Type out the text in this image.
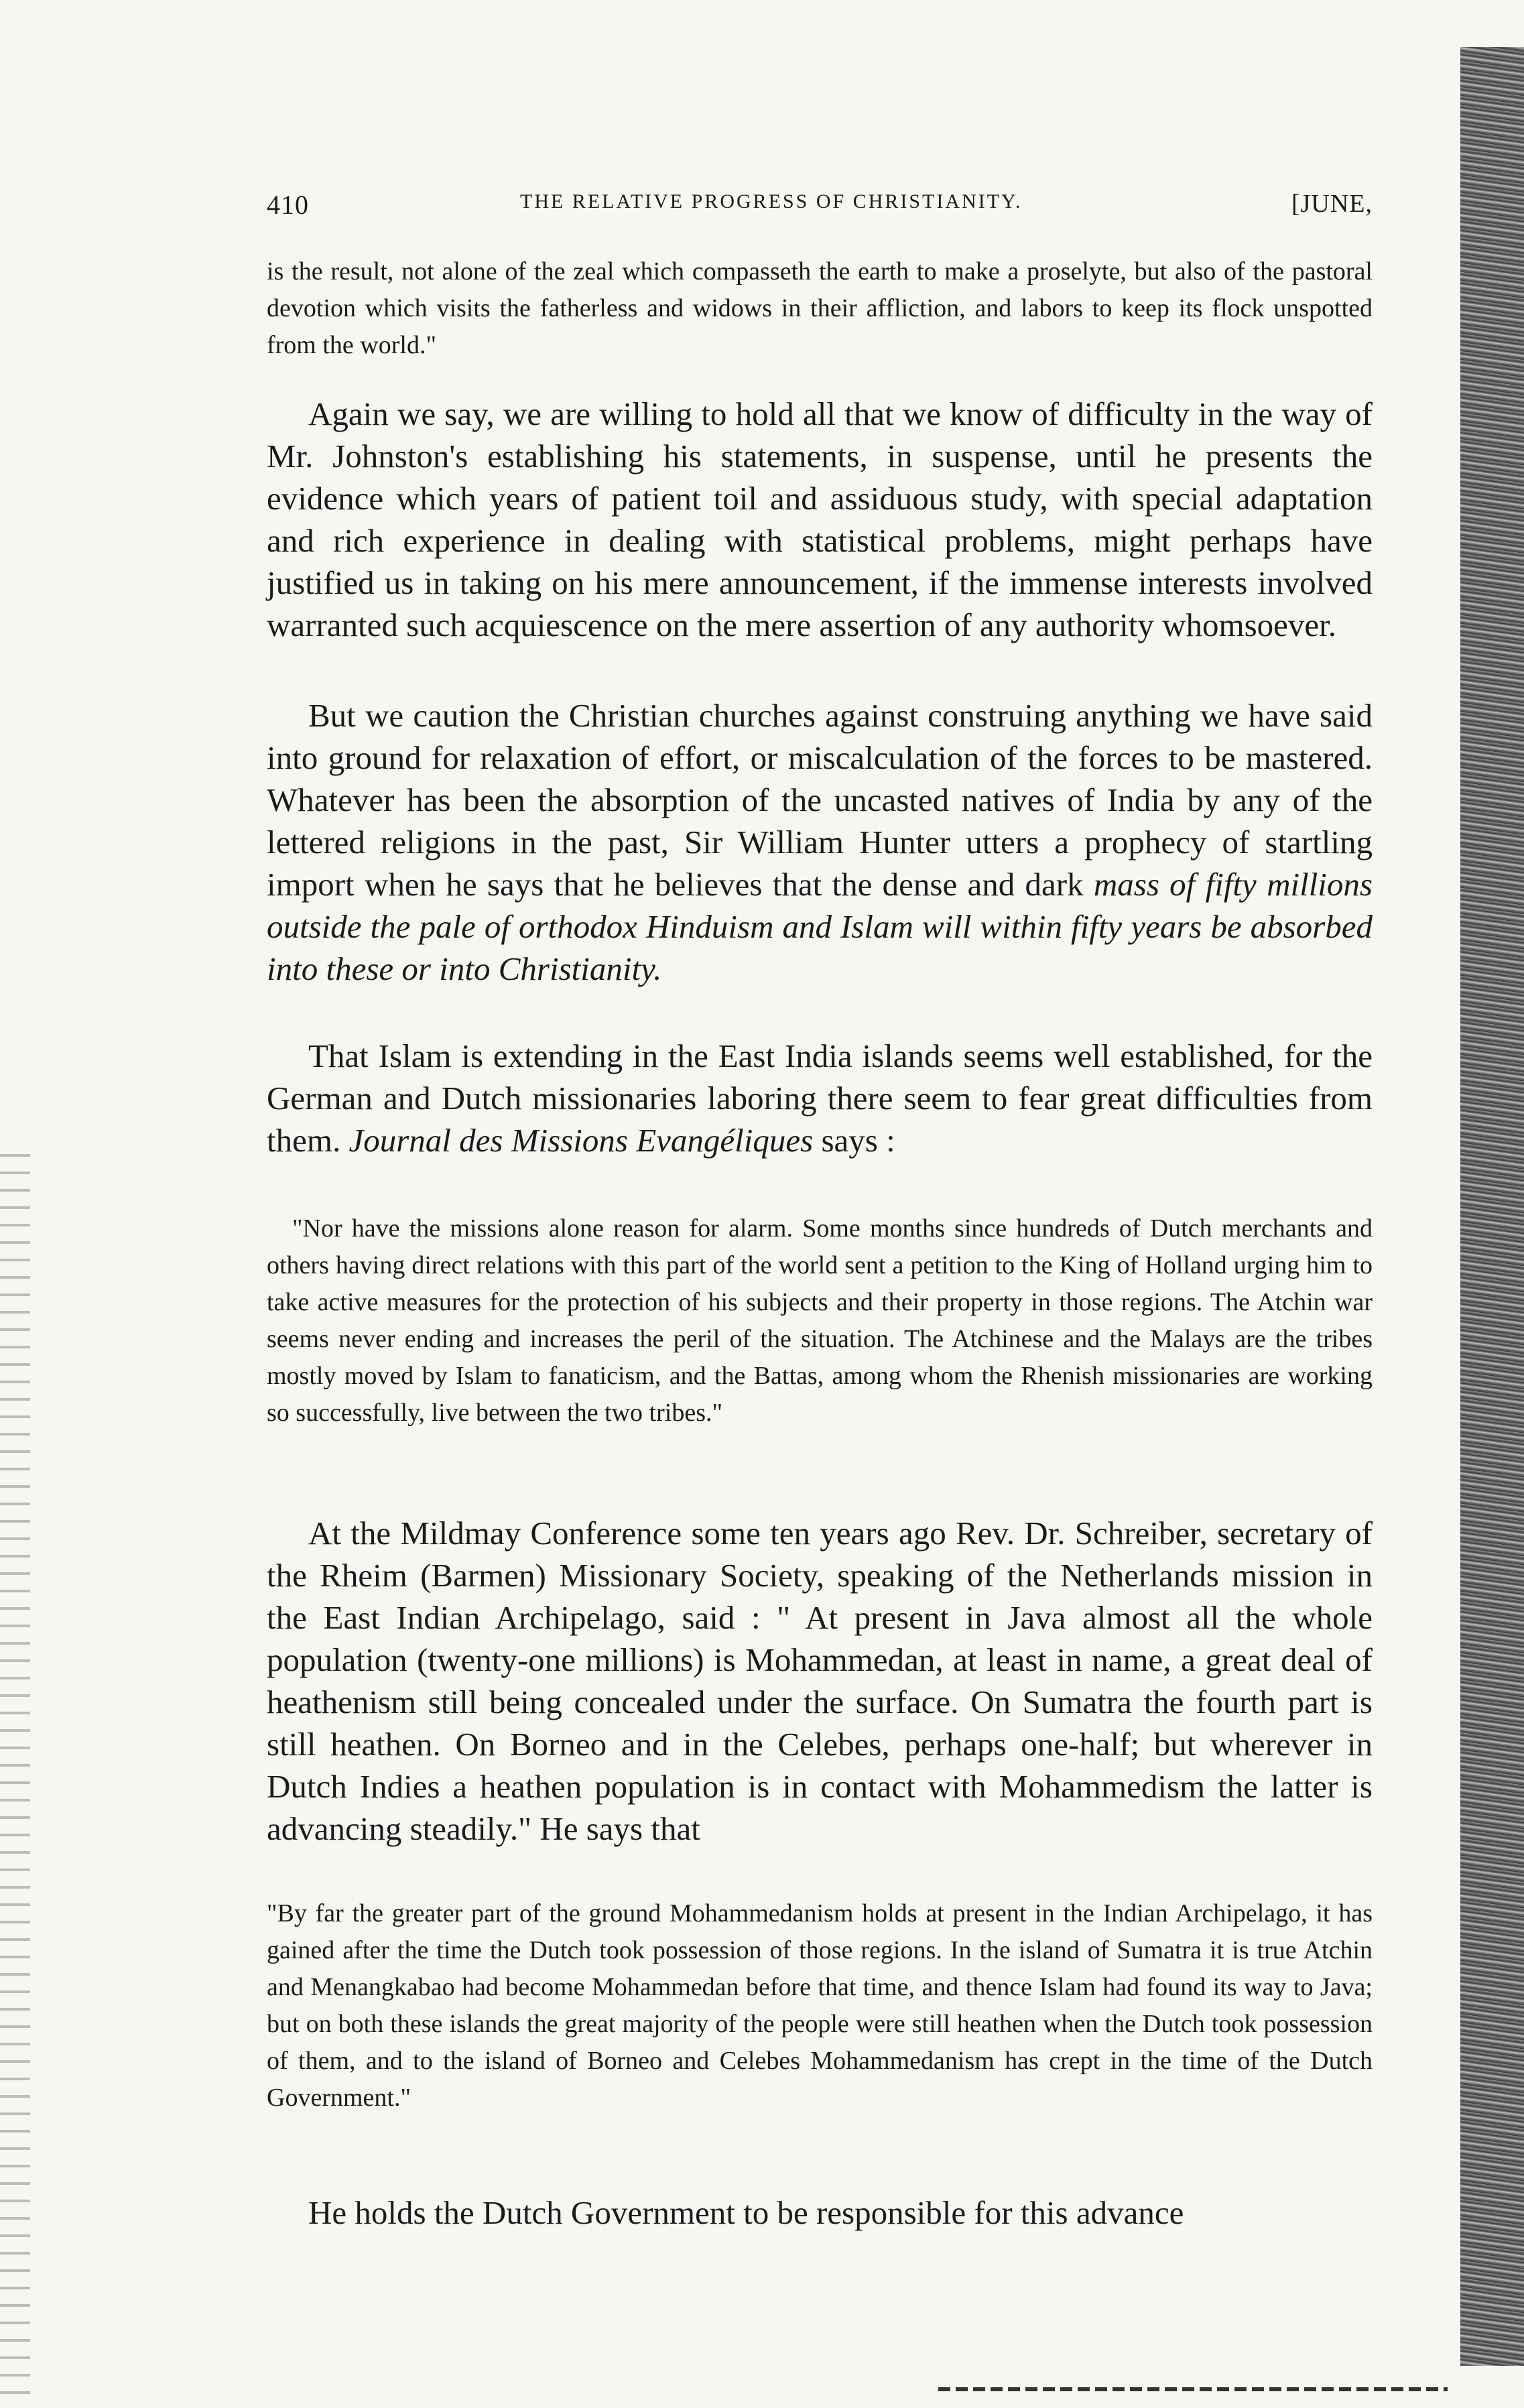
410	THE RELATIVE PROGRESS OF CHRISTIANITY.	[JUNE,

is the result, not alone of the zeal which compasseth the earth to make a proselyte, but also of the pastoral devotion which visits the fatherless and widows in their affliction, and labors to keep its flock unspotted from the world."

Again we say, we are willing to hold all that we know of difficulty in the way of Mr. Johnston's establishing his statements, in suspense, until he presents the evidence which years of patient toil and assiduous study, with special adaptation and rich experience in dealing with statistical problems, might perhaps have justified us in taking on his mere announcement, if the immense interests involved warranted such acquiescence on the mere assertion of any authority whomsoever.

But we caution the Christian churches against construing anything we have said into ground for relaxation of effort, or miscalculation of the forces to be mastered. Whatever has been the absorption of the uncasted natives of India by any of the lettered religions in the past, Sir William Hunter utters a prophecy of startling import when he says that he believes that the dense and dark mass of fifty millions outside the pale of orthodox Hinduism and Islam will within fifty years be absorbed into these or into Christianity.

That Islam is extending in the East India islands seems well established, for the German and Dutch missionaries laboring there seem to fear great difficulties from them. Journal des Missions Evangéliques says :

"Nor have the missions alone reason for alarm. Some months since hundreds of Dutch merchants and others having direct relations with this part of the world sent a petition to the King of Holland urging him to take active measures for the protection of his subjects and their property in those regions. The Atchin war seems never ending and increases the peril of the situation. The Atchinese and the Malays are the tribes mostly moved by Islam to fanaticism, and the Battas, among whom the Rhenish missionaries are working so successfully, live between the two tribes."

At the Mildmay Conference some ten years ago Rev. Dr. Schreiber, secretary of the Rheim (Barmen) Missionary Society, speaking of the Netherlands mission in the East Indian Archipelago, said : " At present in Java almost all the whole population (twenty-one millions) is Mohammedan, at least in name, a great deal of heathenism still being concealed under the surface. On Sumatra the fourth part is still heathen. On Borneo and in the Celebes, perhaps one-half; but wherever in Dutch Indies a heathen population is in contact with Mohammedism the latter is advancing steadily." He says that

"By far the greater part of the ground Mohammedanism holds at present in the Indian Archipelago, it has gained after the time the Dutch took possession of those regions. In the island of Sumatra it is true Atchin and Menangkabao had become Mohammedan before that time, and thence Islam had found its way to Java; but on both these islands the great majority of the people were still heathen when the Dutch took possession of them, and to the island of Borneo and Celebes Mohammedanism has crept in the time of the Dutch Government."

He holds the Dutch Government to be responsible for this advance
